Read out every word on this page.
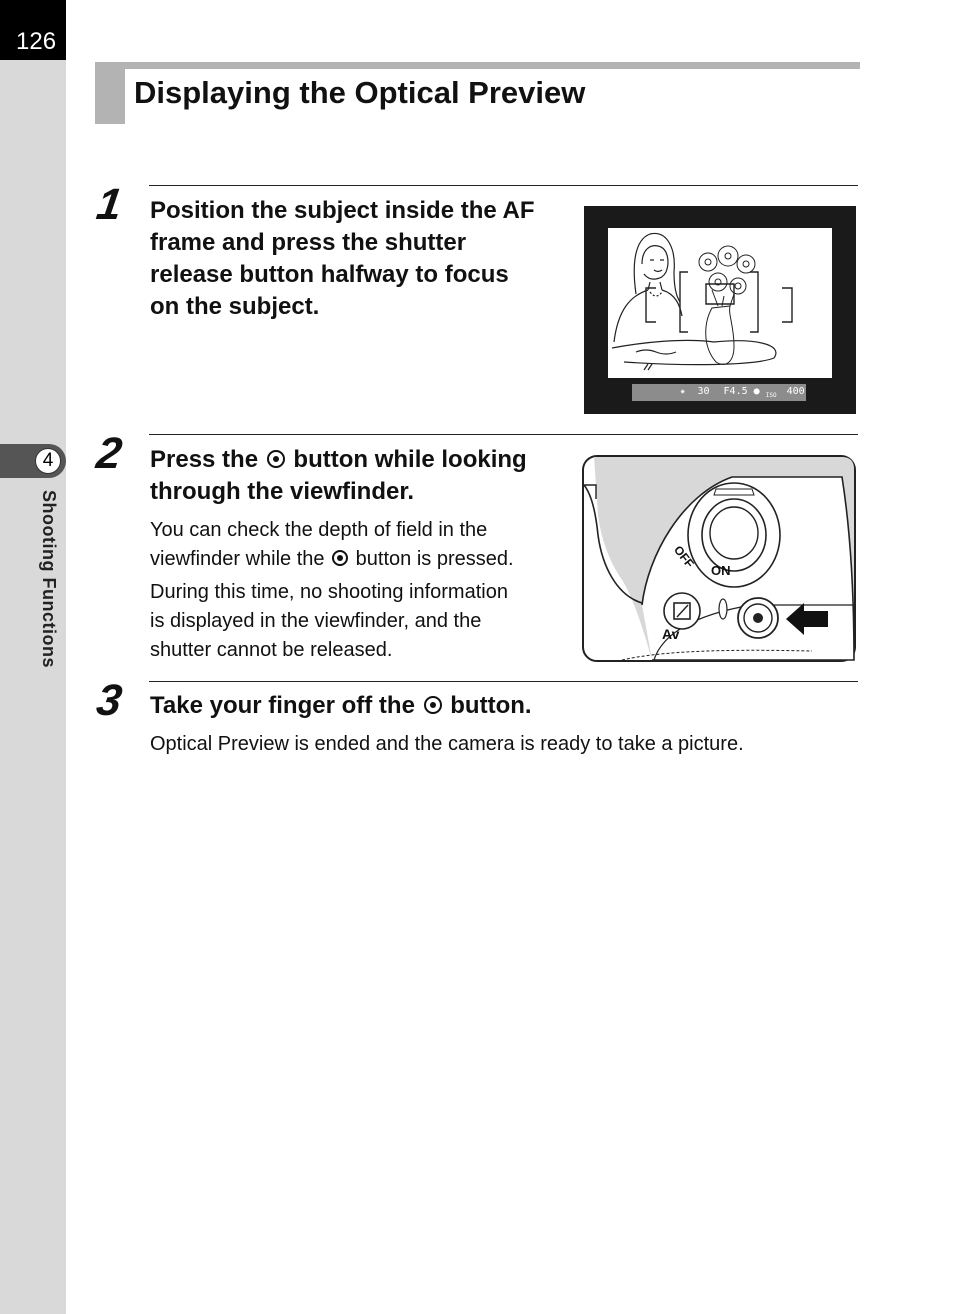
126
4
Shooting Functions
Displaying the Optical Preview
1 Position the subject inside the AF
frame and press the shutter
release button halfway to focus
on the subject.
✷ 30 F4.5 ● $_{ISO}$ 400
2 Press the button while looking
through the viewfinder.
You can check the depth of field in the
viewfinder while the button is pressed.
During this time, no shooting information
is displayed in the viewfinder, and the
shutter cannot be released.
OFF ON
Av
3 Take your finger off the button.
Optical Preview is ended and the camera is ready to take a picture.
